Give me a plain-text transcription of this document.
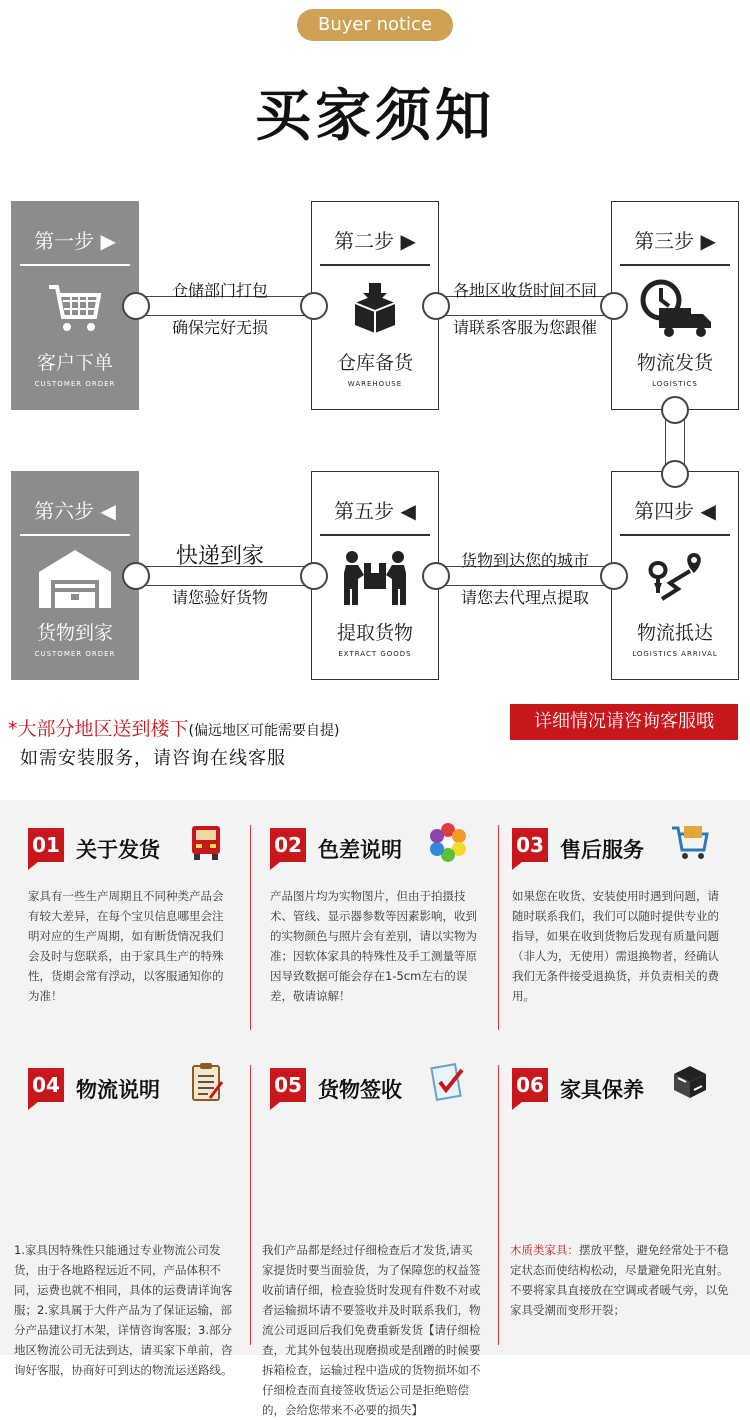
Buyer notice
买家须知
第一步 ▶
客户下单
CUSTOMER ORDER
第二步 ▶
仓库备货
WAREHOUSE
第三步 ▶
物流发货
LOGISTICS
第四步 ◀
物流抵达
LOGISTICS ARRIVAL
第五步 ◀
提取货物
EXTRACT GOODS
第六步 ◀
货物到家
CUSTOMER ORDER
仓储部门打包
确保完好无损
各地区收货时间不同
请联系客服为您跟催
货物到达您的城市
请您去代理点提取
快递到家
请您验好货物
*大部分地区送到楼下(偏远地区可能需要自提)
如需安装服务，请咨询在线客服
详细情况请咨询客服哦
01 关于发货
家具有一些生产周期且不同种类产品会有较大差异，在每个宝贝信息哪里会注明对应的生产周期，如有断货情况我们会及时与您联系，由于家具生产的特殊性，货期会常有浮动，以客服通知你的为准！
02 色差说明
产品图片均为实物图片，但由于拍摄技术、管线、显示器参数等因素影响，收到的实物颜色与照片会有差别，请以实物为准；因软体家具的特殊性及手工测量等原因导致数据可能会存在1-5cm左右的误差，敬请谅解！
03 售后服务
如果您在收货、安装使用时遇到问题，请随时联系我们，我们可以随时提供专业的指导，如果在收到货物后发现有质量问题（非人为，无使用）需退换物者，经确认我们无条件接受退换货，并负责相关的费用。
04 物流说明
1.家具因特殊性只能通过专业物流公司发货，由于各地路程远近不同，产品体积不同，运费也就不相同，具体的运费请详询客服；2.家具属于大件产品为了保证运输，部分产品建议打木架，详情咨询客服；3.部分地区物流公司无法到达，请买家下单前，咨询好客服，协商好可到达的物流运送路线。
05 货物签收
我们产品都是经过仔细检查后才发货,请买家提货时要当面验货，为了保障您的权益签收前请仔细，检查验货时发现有件数不对或者运输损坏请不要签收并及时联系我们，物流公司返回后我们免费重新发货【请仔细检查，尤其外包装出现磨损或是刮蹭的时候要拆箱检查，运输过程中造成的货物损坏如不仔细检查而直接签收货运公司是拒绝赔偿的，会给您带来不必要的损失】
06 家具保养
木质类家具：摆放平整，避免经常处于不稳定状态而使结构松动，尽量避免阳光直射。不要将家具直接放在空调或者暖气旁，以免家具受潮而变形开裂；
